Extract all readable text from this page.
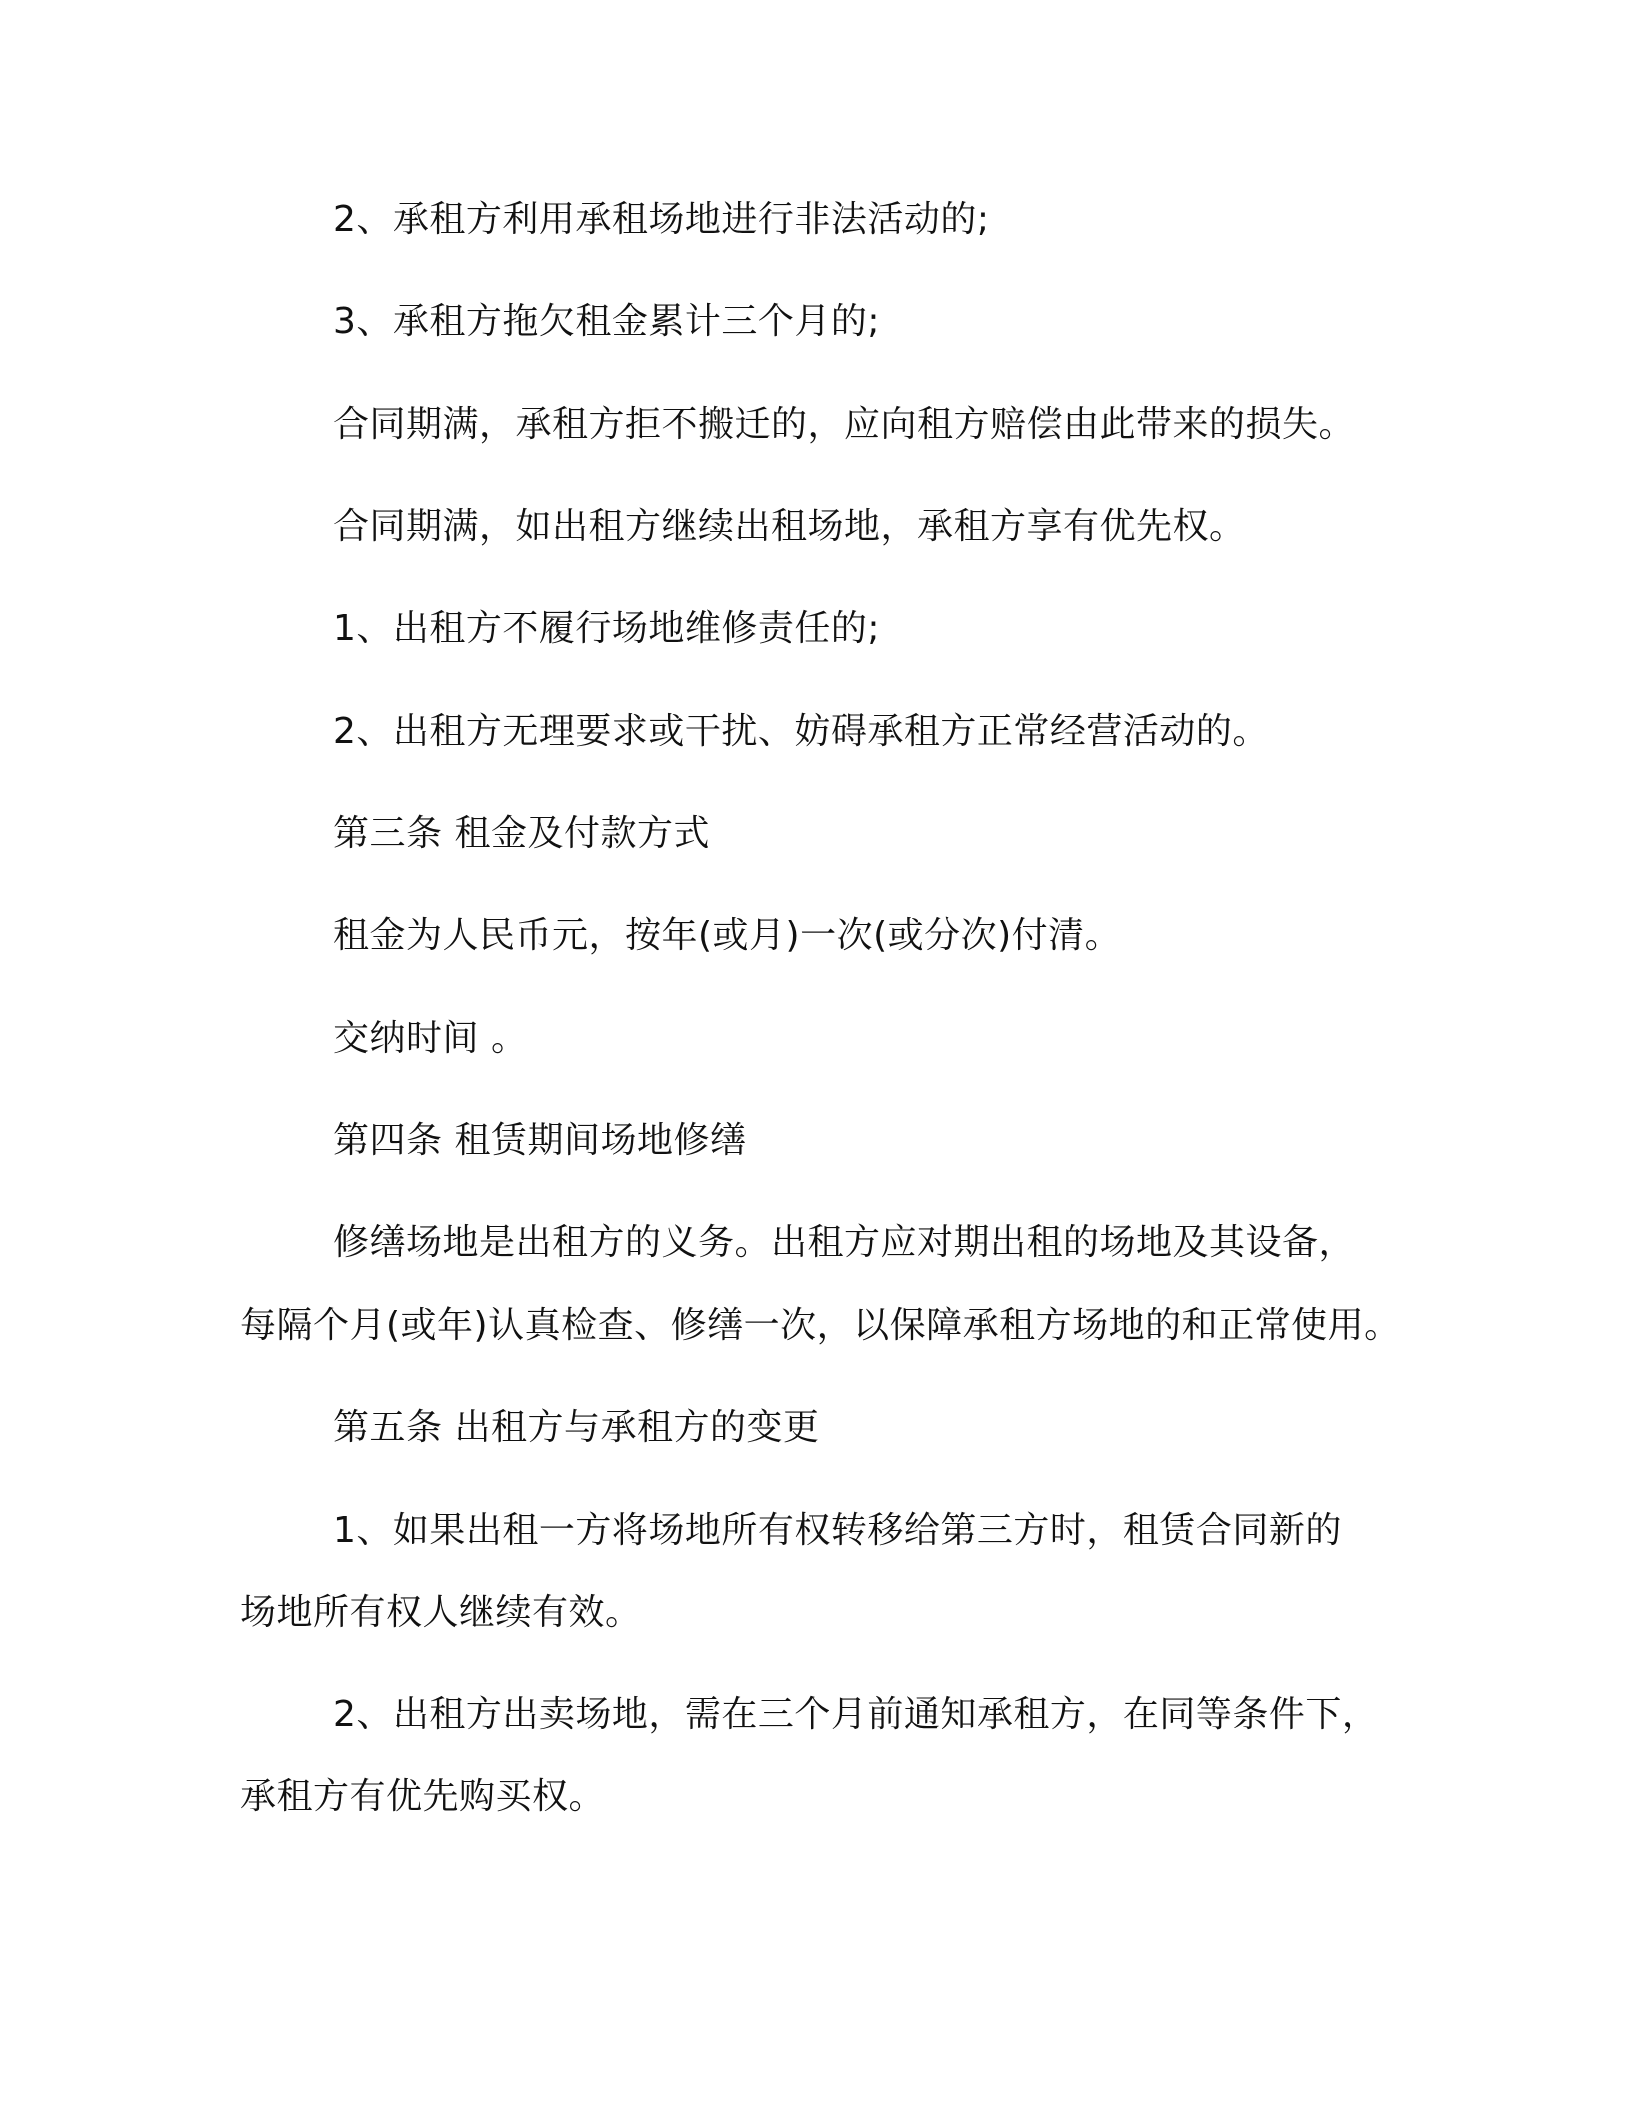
2、承租方利用承租场地进行非法活动的;
3、承租方拖欠租金累计三个月的;
合同期满，承租方拒不搬迁的，应向租方赔偿由此带来的损失。
合同期满，如出租方继续出租场地，承租方享有优先权。
1、出租方不履行场地维修责任的;
2、出租方无理要求或干扰、妨碍承租方正常经营活动的。
第三条 租金及付款方式
租金为人民币元，按年(或月)一次(或分次)付清。
交纳时间 。
第四条 租赁期间场地修缮
修缮场地是出租方的义务。出租方应对期出租的场地及其设备，
每隔个月(或年)认真检查、修缮一次，以保障承租方场地的和正常使用。
第五条 出租方与承租方的变更
1、如果出租一方将场地所有权转移给第三方时，租赁合同新的
场地所有权人继续有效。
2、出租方出卖场地，需在三个月前通知承租方，在同等条件下，
承租方有优先购买权。
